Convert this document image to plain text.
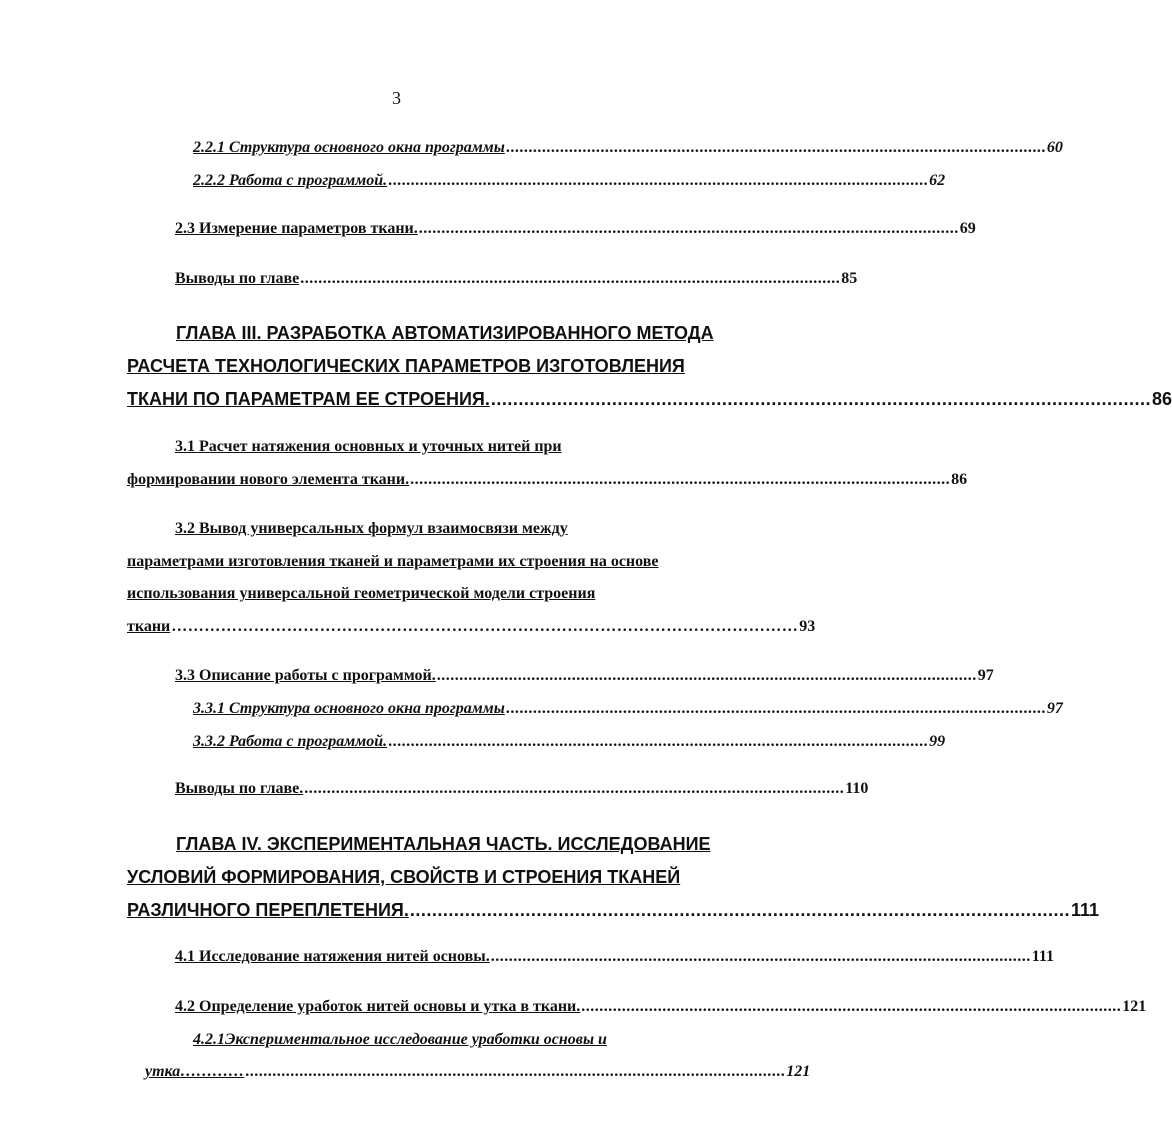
3
2.2.1 Структура основного окна программы ........................................................................................................................ 60
2.2.2 Работа с программой. ........................................................................................................................ 62
2.3 Измерение параметров ткани. ........................................................................................................................ 69
Выводы по главе ........................................................................................................................ 85
ГЛАВА III. РАЗРАБОТКА АВТОМАТИЗИРОВАННОГО МЕТОДА
РАСЧЕТА ТЕХНОЛОГИЧЕСКИХ ПАРАМЕТРОВ ИЗГОТОВЛЕНИЯ
ТКАНИ ПО ПАРАМЕТРАМ ЕЕ СТРОЕНИЯ. ........................................................................................................................ 86
3.1 Расчет натяжения основных и уточных нитей при
формировании нового элемента ткани. ........................................................................................................................ 86
3.2 Вывод универсальных формул взаимосвязи между
параметрами изготовления тканей и параметрами их строения на основе
использования универсальной геометрической модели строения
ткани …………………………………………………………………………………………………… 93
3.3 Описание работы с программой. ........................................................................................................................ 97
3.3.1 Структура основного окна программы ........................................................................................................................ 97
3.3.2 Работа с программой. ........................................................................................................................ 99
Выводы по главе. ........................................................................................................................ 110
ГЛАВА IV. ЭКСПЕРИМЕНТАЛЬНАЯ ЧАСТЬ. ИССЛЕДОВАНИЕ
УСЛОВИЙ ФОРМИРОВАНИЯ, СВОЙСТВ И СТРОЕНИЯ ТКАНЕЙ
РАЗЛИЧНОГО ПЕРЕПЛЕТЕНИЯ. ........................................................................................................................ 111
4.1 Исследование натяжения нитей основы. ........................................................................................................................ 111
4.2 Определение уработок нитей основы и утка в ткани. ........................................................................................................................ 121
4.2.1Экспериментальное исследование уработки основы и
утка………… ........................................................................................................................ 121
